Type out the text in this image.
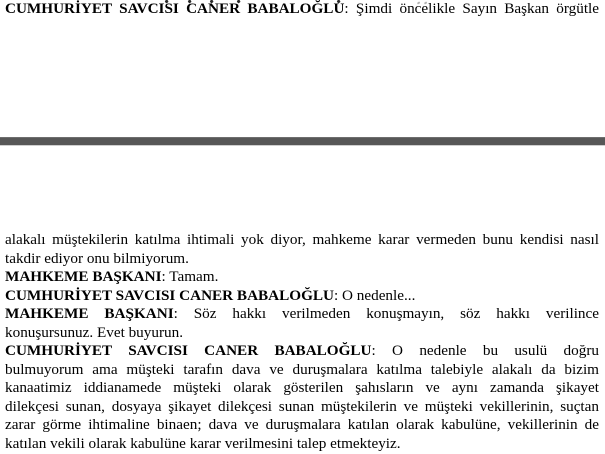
CUMHURİYET SAVCISI CANER BABALOĞLU: Şimdi öncelikle Sayın Başkan örgütle
alakalı müştekilerin katılma ihtimali yok diyor, mahkeme karar vermeden bunu kendisi nasıl
takdir ediyor onu bilmiyorum.
MAHKEME BAŞKANI: Tamam.
CUMHURİYET SAVCISI CANER BABALOĞLU: O nedenle...
MAHKEME BAŞKANI: Söz hakkı verilmeden konuşmayın, söz hakkı verilince
konuşursunuz. Evet buyurun.
CUMHURİYET SAVCISI CANER BABALOĞLU: O nedenle bu usulü doğru
bulmuyorum ama müşteki tarafın dava ve duruşmalara katılma talebiyle alakalı da bizim
kanaatimiz iddianamede müşteki olarak gösterilen şahısların ve aynı zamanda şikayet
dilekçesi sunan, dosyaya şikayet dilekçesi sunan müştekilerin ve müşteki vekillerinin, suçtan
zarar görme ihtimaline binaen; dava ve duruşmalara katılan olarak kabulüne, vekillerinin de
katılan vekili olarak kabulüne karar verilmesini talep etmekteyiz.
